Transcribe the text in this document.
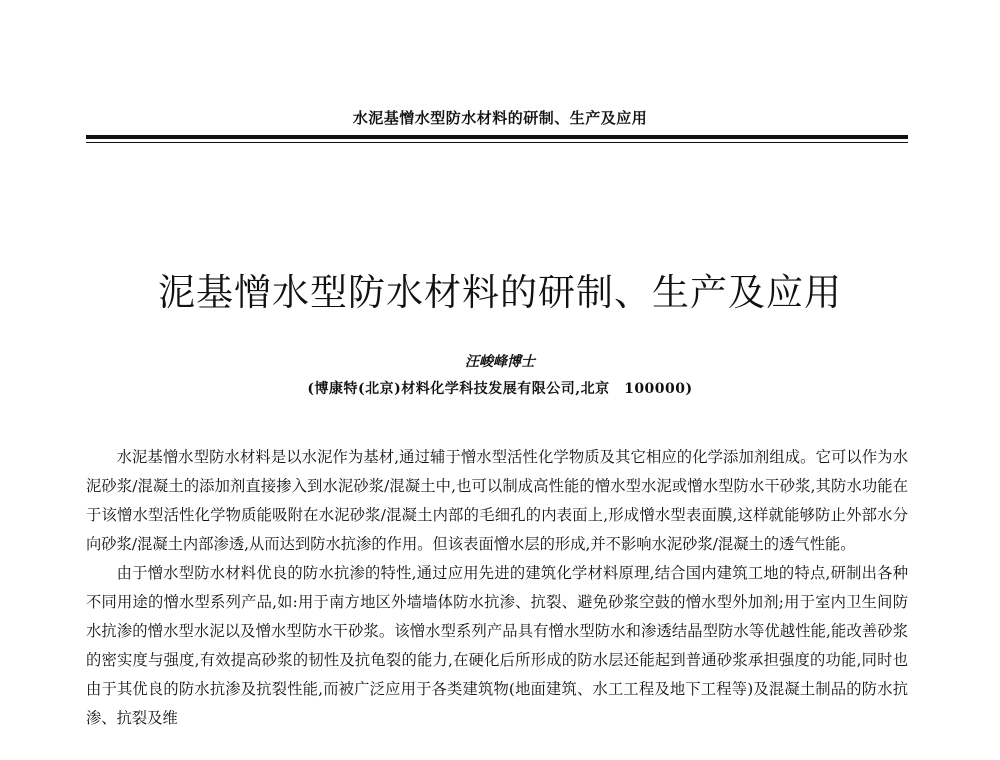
水泥基憎水型防水材料的研制、生产及应用
泥基憎水型防水材料的研制、生产及应用
汪峻峰博士
(博康特(北京)材料化学科技发展有限公司,北京　100000)

水泥基憎水型防水材料是以水泥作为基材,通过辅于憎水型活性化学物质及其它相应的化学添加剂组成。它可以作为水泥砂浆/混凝土的添加剂直接掺入到水泥砂浆/混凝土中,也可以制成高性能的憎水型水泥或憎水型防水干砂浆,其防水功能在于该憎水型活性化学物质能吸附在水泥砂浆/混凝土内部的毛细孔的内表面上,形成憎水型表面膜,这样就能够防止外部水分向砂浆/混凝土内部渗透,从而达到防水抗渗的作用。但该表面憎水层的形成,并不影响水泥砂浆/混凝土的透气性能。

由于憎水型防水材料优良的防水抗渗的特性,通过应用先进的建筑化学材料原理,结合国内建筑工地的特点,研制出各种不同用途的憎水型系列产品,如:用于南方地区外墙墙体防水抗渗、抗裂、避免砂浆空鼓的憎水型外加剂;用于室内卫生间防水抗渗的憎水型水泥以及憎水型防水干砂浆。该憎水型系列产品具有憎水型防水和渗透结晶型防水等优越性能,能改善砂浆的密实度与强度,有效提高砂浆的韧性及抗龟裂的能力,在硬化后所形成的防水层还能起到普通砂浆承担强度的功能,同时也由于其优良的防水抗渗及抗裂性能,而被广泛应用于各类建筑物(地面建筑、水工工程及地下工程等)及混凝土制品的防水抗渗、抗裂及维
